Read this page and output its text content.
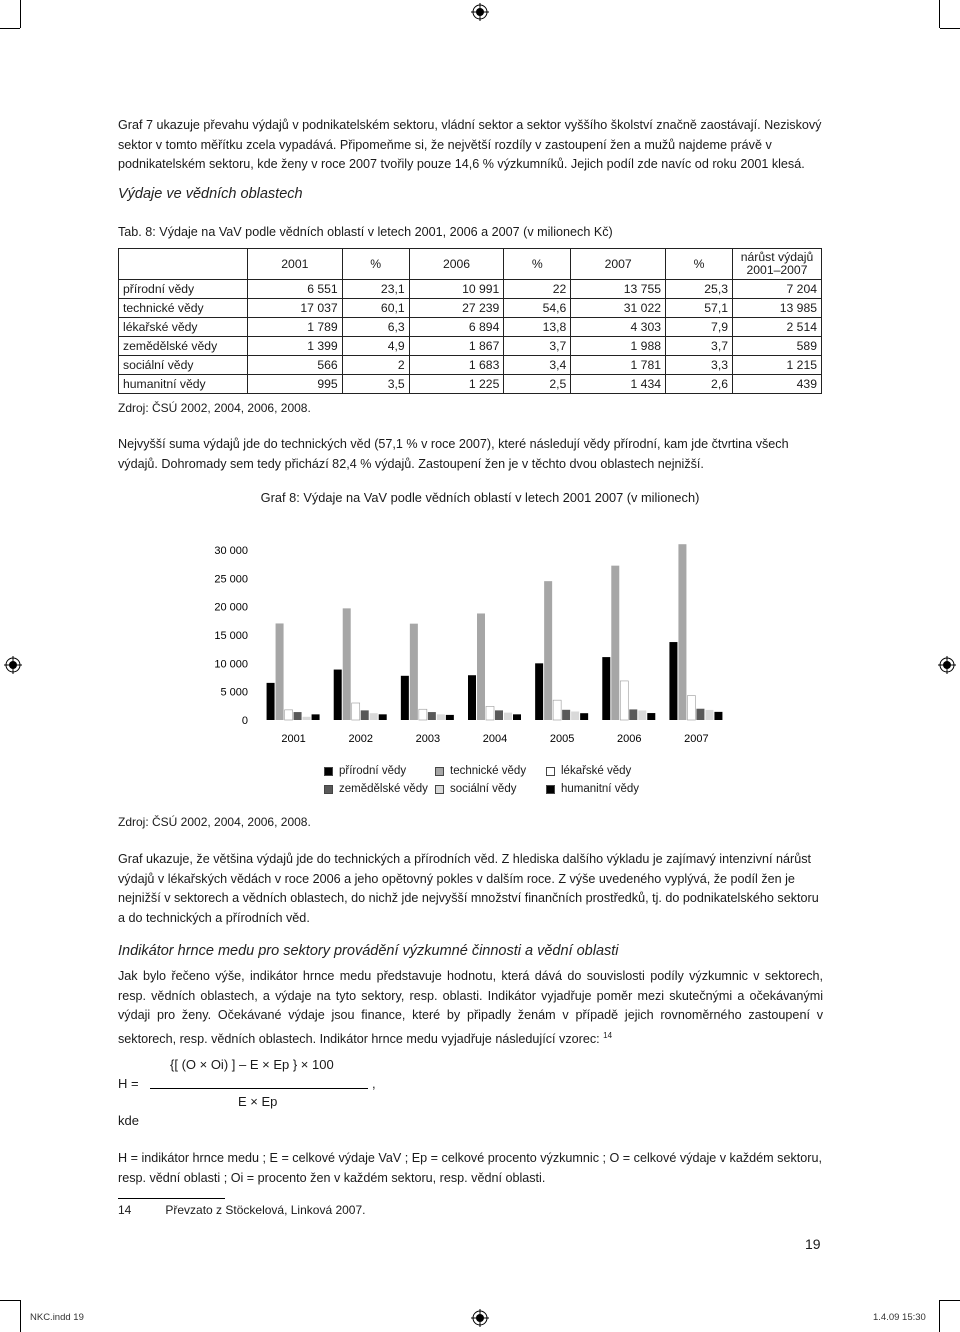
Graf 7 ukazuje převahu výdajů v podnikatelském sektoru, vládní sektor a sektor vyššího školství značně zaostávají. Neziskový sektor v tomto měřítku zcela vypadává. Připomeňme si, že největší rozdíly v zastoupení žen a mužů najdeme právě v podnikatelském sektoru, kde ženy v roce 2007 tvořily pouze 14,6 % výzkumníků. Jejich podíl zde navíc od roku 2001 klesá.

Výdaje ve vědních oblastech
Tab. 8: Výdaje na VaV podle vědních oblastí v letech 2001, 2006 a 2007 (v milionech Kč)
	2001	%	2006	%	2007	%	nárůst výdajů 2001–2007
přírodní vědy	6 551	23,1	10 991	22	13 755	25,3	7 204
technické vědy	17 037	60,1	27 239	54,6	31 022	57,1	13 985
lékařské vědy	1 789	6,3	6 894	13,8	4 303	7,9	2 514
zemědělské vědy	1 399	4,9	1 867	3,7	1 988	3,7	589
sociální vědy	566	2	1 683	3,4	1 781	3,3	1 215
humanitní vědy	995	3,5	1 225	2,5	1 434	2,6	439
Zdroj: ČSÚ 2002, 2004, 2006, 2008.
Nejvyšší suma výdajů jde do technických věd (57,1 % v roce 2007), které následují vědy přírodní, kam jde čtvrtina všech výdajů. Dohromady sem tedy přichází 82,4 % výdajů. Zastoupení žen je v těchto dvou oblastech nejnižší.
Graf 8: Výdaje na VaV podle vědních oblastí v letech 2001 2007 (v milionech)
0
5 000
10 000
15 000
20 000
25 000
30 000
2001	2002	2003	2004	2005	2006	2007
přírodní vědy	technické vědy	lékařské vědy
zemědělské vědy sociální vědy	humanitní vědy
Zdroj: ČSÚ 2002, 2004, 2006, 2008.
Graf ukazuje, že většina výdajů jde do technických a přírodních věd. Z hlediska dalšího výkladu je zajímavý intenzivní nárůst výdajů v lékařských vědách v roce 2006 a jeho opětovný pokles v dalším roce. Z výše uvedeného vyplývá, že podíl žen je nejnižší v sektorech a vědních oblastech, do nichž jde nejvyšší množství finančních prostředků, tj. do podnikatelského sektoru a do technických a přírodních věd.
Indikátor hrnce medu pro sektory provádění výzkumné činnosti a vědní oblasti
Jak bylo řečeno výše, indikátor hrnce medu představuje hodnotu, která dává do souvislosti podíly výzkumnic v sektorech, resp. vědních oblastech, a výdaje na tyto sektory, resp. oblasti. Indikátor vyjadřuje poměr mezi skutečnými a očekávanými výdaji pro ženy. Očekávané výdaje jsou finance, které by připadly ženám v případě jejich rovnoměrného zastoupení v sektorech, resp. vědních oblastech. Indikátor hrnce medu vyjadřuje následující vzorec: $^{14}$
{[ (O × Oi) ] – E × Ep } × 100
H =	,
E × Ep
kde
H = indikátor hrnce medu ; E = celkové výdaje VaV ; Ep = celkové procento výzkumnic ; O = celkové výdaje v každém sektoru, resp. vědní oblasti ; Oi = procento žen v každém sektoru, resp. vědní oblasti.
14	Převzato z Stöckelová, Linková 2007.
19
NKC.indd 19	1.4.09 15:30
